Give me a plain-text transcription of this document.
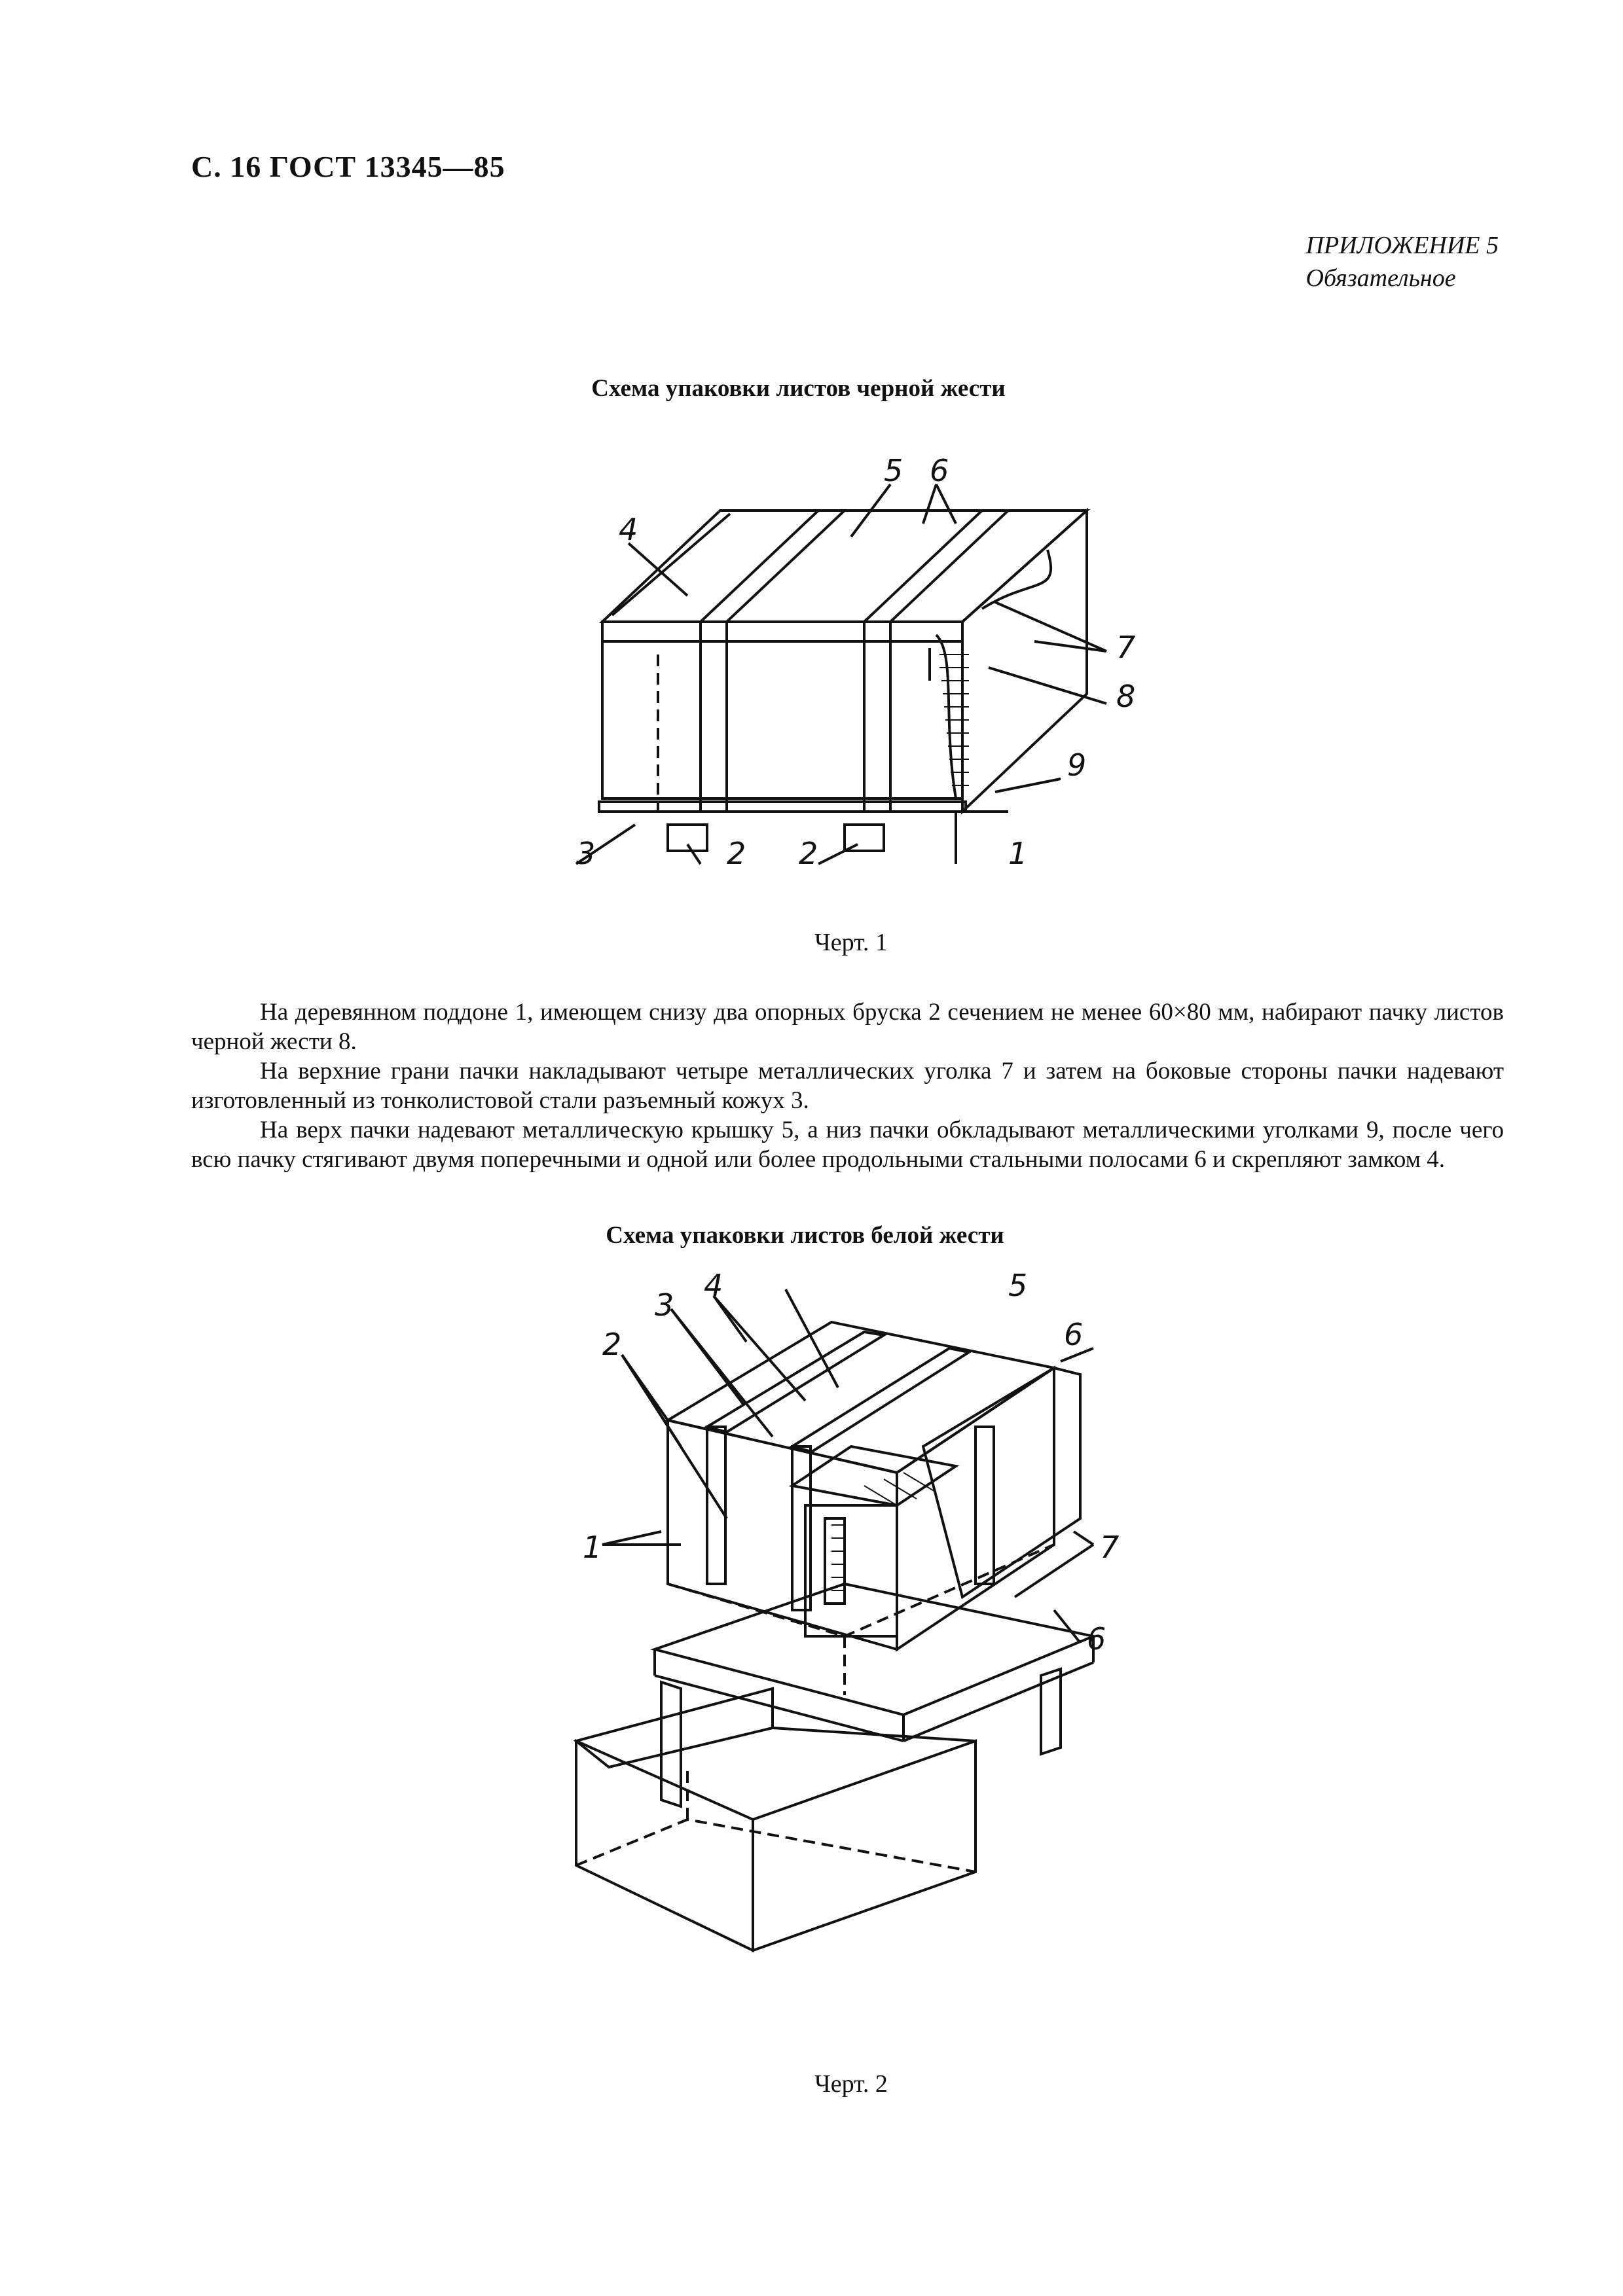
С. 16 ГОСТ 13345—85
ПРИЛОЖЕНИЕ 5
Обязательное
Схема упаковки листов черной жести
1
2 2
3
4
5 6
7
8
9
Черт. 1

На деревянном поддоне 1, имеющем снизу два опорных бруска 2 сечением не менее 60×80 мм, набирают пачку листов черной жести 8.

На верхние грани пачки накладывают четыре металлических уголка 7 и затем на боковые стороны пачки надевают изготовленный из тонколистовой стали разъемный кожух 3.

На верх пачки надевают металлическую крышку 5, а низ пачки обкладывают металлическими уголками 9, после чего всю пачку стягивают двумя поперечными и одной или более продольными стальными полосами 6 и скрепляют замком 4.

Схема упаковки листов белой жести
1
2
3
4	5
6
6
7
Черт. 2
